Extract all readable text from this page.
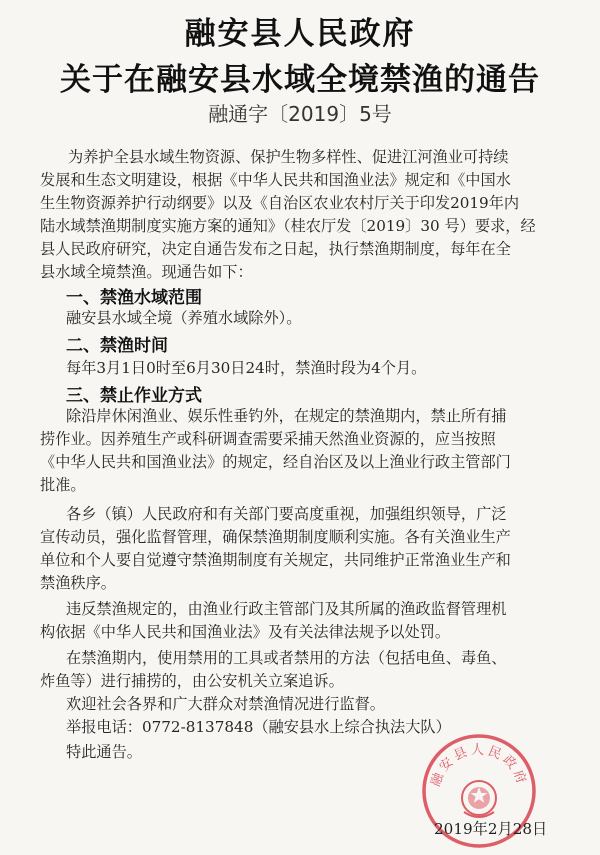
融安县人民政府
关于在融安县水域全境禁渔的通告
融通字〔2019〕5号
为养护全县水域生物资源、保护生物多样性、促进江河渔业可持续
发展和生态文明建设，根据《中华人民共和国渔业法》规定和《中国水
生生物资源养护行动纲要》以及《自治区农业农村厅关于印发2019年内
陆水域禁渔期制度实施方案的通知》（桂农厅发〔2019〕30 号）要求，经
县人民政府研究，决定自通告发布之日起，执行禁渔期制度，每年在全
县水域全境禁渔。现通告如下：
一、禁渔水域范围
融安县水域全境（养殖水域除外）。
二、禁渔时间
每年3月1日0时至6月30日24时，禁渔时段为4个月。
三、禁止作业方式
除沿岸休闲渔业、娱乐性垂钓外，在规定的禁渔期内，禁止所有捕
捞作业。因养殖生产或科研调查需要采捕天然渔业资源的，应当按照
《中华人民共和国渔业法》的规定，经自治区及以上渔业行政主管部门
批准。
各乡（镇）人民政府和有关部门要高度重视，加强组织领导，广泛
宣传动员，强化监督管理，确保禁渔期制度顺利实施。各有关渔业生产
单位和个人要自觉遵守禁渔期制度有关规定，共同维护正常渔业生产和
禁渔秩序。
违反禁渔规定的，由渔业行政主管部门及其所属的渔政监督管理机
构依据《中华人民共和国渔业法》及有关法律法规予以处罚。
在禁渔期内，使用禁用的工具或者禁用的方法（包括电鱼、毒鱼、
炸鱼等）进行捕捞的，由公安机关立案追诉。
欢迎社会各界和广大群众对禁渔情况进行监督。
举报电话：0772-8137848（融安县水上综合执法大队）
特此通告。
融安县人民政府
2019年2月28日
